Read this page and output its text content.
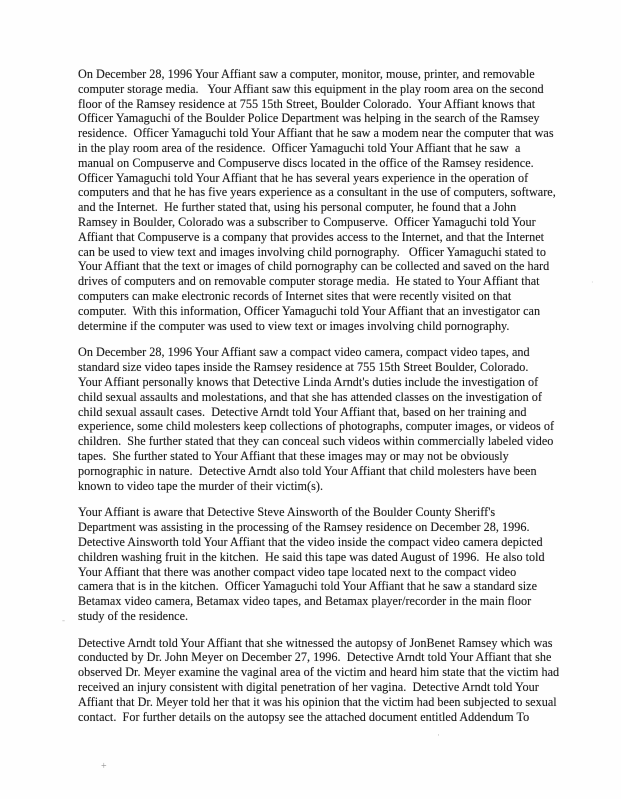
On December 28, 1996 Your Affiant saw a computer, monitor, mouse, printer, and removable
computer storage media.   Your Affiant saw this equipment in the play room area on the second
floor of the Ramsey residence at 755 15th Street, Boulder Colorado.  Your Affiant knows that
Officer Yamaguchi of the Boulder Police Department was helping in the search of the Ramsey
residence.  Officer Yamaguchi told Your Affiant that he saw a modem near the computer that was
in the play room area of the residence.  Officer Yamaguchi told Your Affiant that he saw  a
manual on Compuserve and Compuserve discs located in the office of the Ramsey residence.
Officer Yamaguchi told Your Affiant that he has several years experience in the operation of
computers and that he has five years experience as a consultant in the use of computers, software,
and the Internet.  He further stated that, using his personal computer, he found that a John
Ramsey in Boulder, Colorado was a subscriber to Compuserve.  Officer Yamaguchi told Your
Affiant that Compuserve is a company that provides access to the Internet, and that the Internet
can be used to view text and images involving child pornography.   Officer Yamaguchi stated to
Your Affiant that the text or images of child pornography can be collected and saved on the hard
drives of computers and on removable computer storage media.  He stated to Your Affiant that
computers can make electronic records of Internet sites that were recently visited on that
computer.  With this information, Officer Yamaguchi told Your Affiant that an investigator can
determine if the computer was used to view text or images involving child pornography.
On December 28, 1996 Your Affiant saw a compact video camera, compact video tapes, and
standard size video tapes inside the Ramsey residence at 755 15th Street Boulder, Colorado.
Your Affiant personally knows that Detective Linda Arndt's duties include the investigation of
child sexual assaults and molestations, and that she has attended classes on the investigation of
child sexual assault cases.  Detective Arndt told Your Affiant that, based on her training and
experience, some child molesters keep collections of photographs, computer images, or videos of
children.  She further stated that they can conceal such videos within commercially labeled video
tapes.  She further stated to Your Affiant that these images may or may not be obviously
pornographic in nature.  Detective Arndt also told Your Affiant that child molesters have been
known to video tape the murder of their victim(s).
Your Affiant is aware that Detective Steve Ainsworth of the Boulder County Sheriff's
Department was assisting in the processing of the Ramsey residence on December 28, 1996.
Detective Ainsworth told Your Affiant that the video inside the compact video camera depicted
children washing fruit in the kitchen.  He said this tape was dated August of 1996.  He also told
Your Affiant that there was another compact video tape located next to the compact video
camera that is in the kitchen.  Officer Yamaguchi told Your Affiant that he saw a standard size
Betamax video camera, Betamax video tapes, and Betamax player/recorder in the main floor
study of the residence.
Detective Arndt told Your Affiant that she witnessed the autopsy of JonBenet Ramsey which was
conducted by Dr. John Meyer on December 27, 1996.  Detective Arndt told Your Affiant that she
observed Dr. Meyer examine the vaginal area of the victim and heard him state that the victim had
received an injury consistent with digital penetration of her vagina.  Detective Arndt told Your
Affiant that Dr. Meyer told her that it was his opinion that the victim had been subjected to sexual
contact.  For further details on the autopsy see the attached document entitled Addendum To
+
-
·
·
